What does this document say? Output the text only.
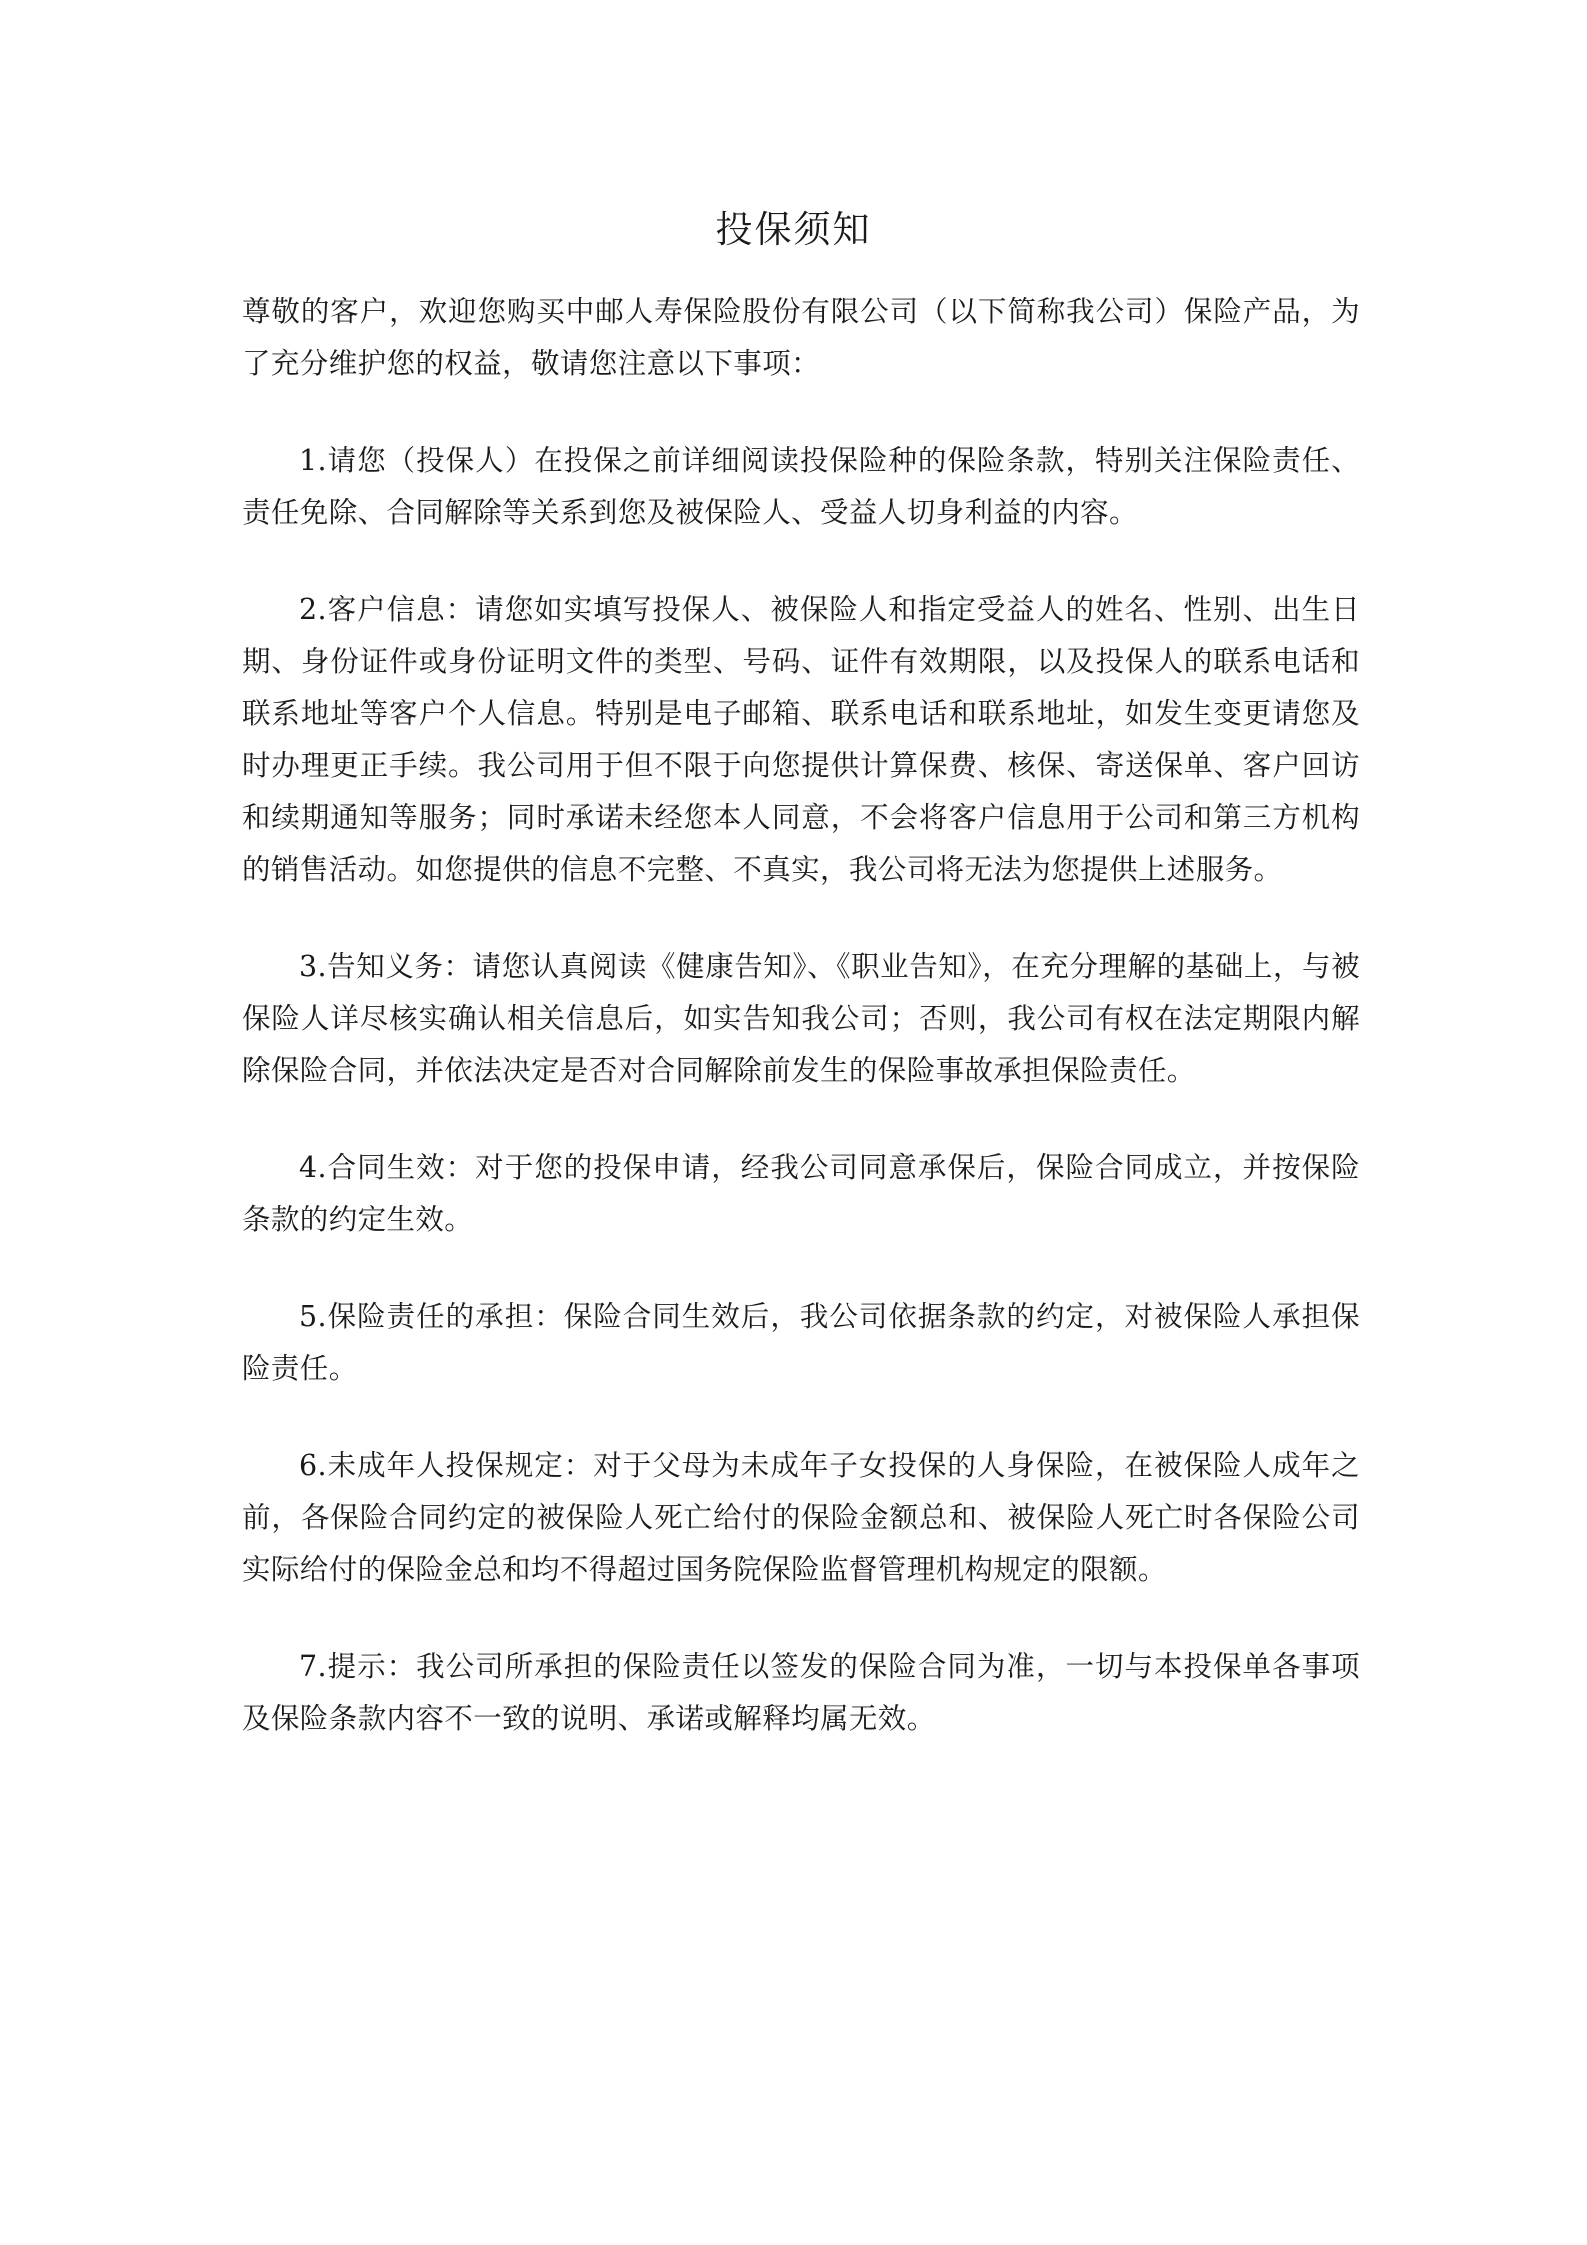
投保须知

尊敬的客户，欢迎您购买中邮人寿保险股份有限公司（以下简称我公司）保险产品，为了充分维护您的权益，敬请您注意以下事项：

1.请您（投保人）在投保之前详细阅读投保险种的保险条款，特别关注保险责任、责任免除、合同解除等关系到您及被保险人、受益人切身利益的内容。

2.客户信息：请您如实填写投保人、被保险人和指定受益人的姓名、性别、出生日期、身份证件或身份证明文件的类型、号码、证件有效期限，以及投保人的联系电话和联系地址等客户个人信息。特别是电子邮箱、联系电话和联系地址，如发生变更请您及时办理更正手续。我公司用于但不限于向您提供计算保费、核保、寄送保单、客户回访和续期通知等服务；同时承诺未经您本人同意，不会将客户信息用于公司和第三方机构的销售活动。如您提供的信息不完整、不真实，我公司将无法为您提供上述服务。

3.告知义务：请您认真阅读《健康告知》、《职业告知》，在充分理解的基础上，与被保险人详尽核实确认相关信息后，如实告知我公司；否则，我公司有权在法定期限内解除保险合同，并依法决定是否对合同解除前发生的保险事故承担保险责任。

4.合同生效：对于您的投保申请，经我公司同意承保后，保险合同成立，并按保险条款的约定生效。

5.保险责任的承担：保险合同生效后，我公司依据条款的约定，对被保险人承担保险责任。

6.未成年人投保规定：对于父母为未成年子女投保的人身保险，在被保险人成年之前，各保险合同约定的被保险人死亡给付的保险金额总和、被保险人死亡时各保险公司实际给付的保险金总和均不得超过国务院保险监督管理机构规定的限额。

7.提示：我公司所承担的保险责任以签发的保险合同为准，一切与本投保单各事项及保险条款内容不一致的说明、承诺或解释均属无效。
